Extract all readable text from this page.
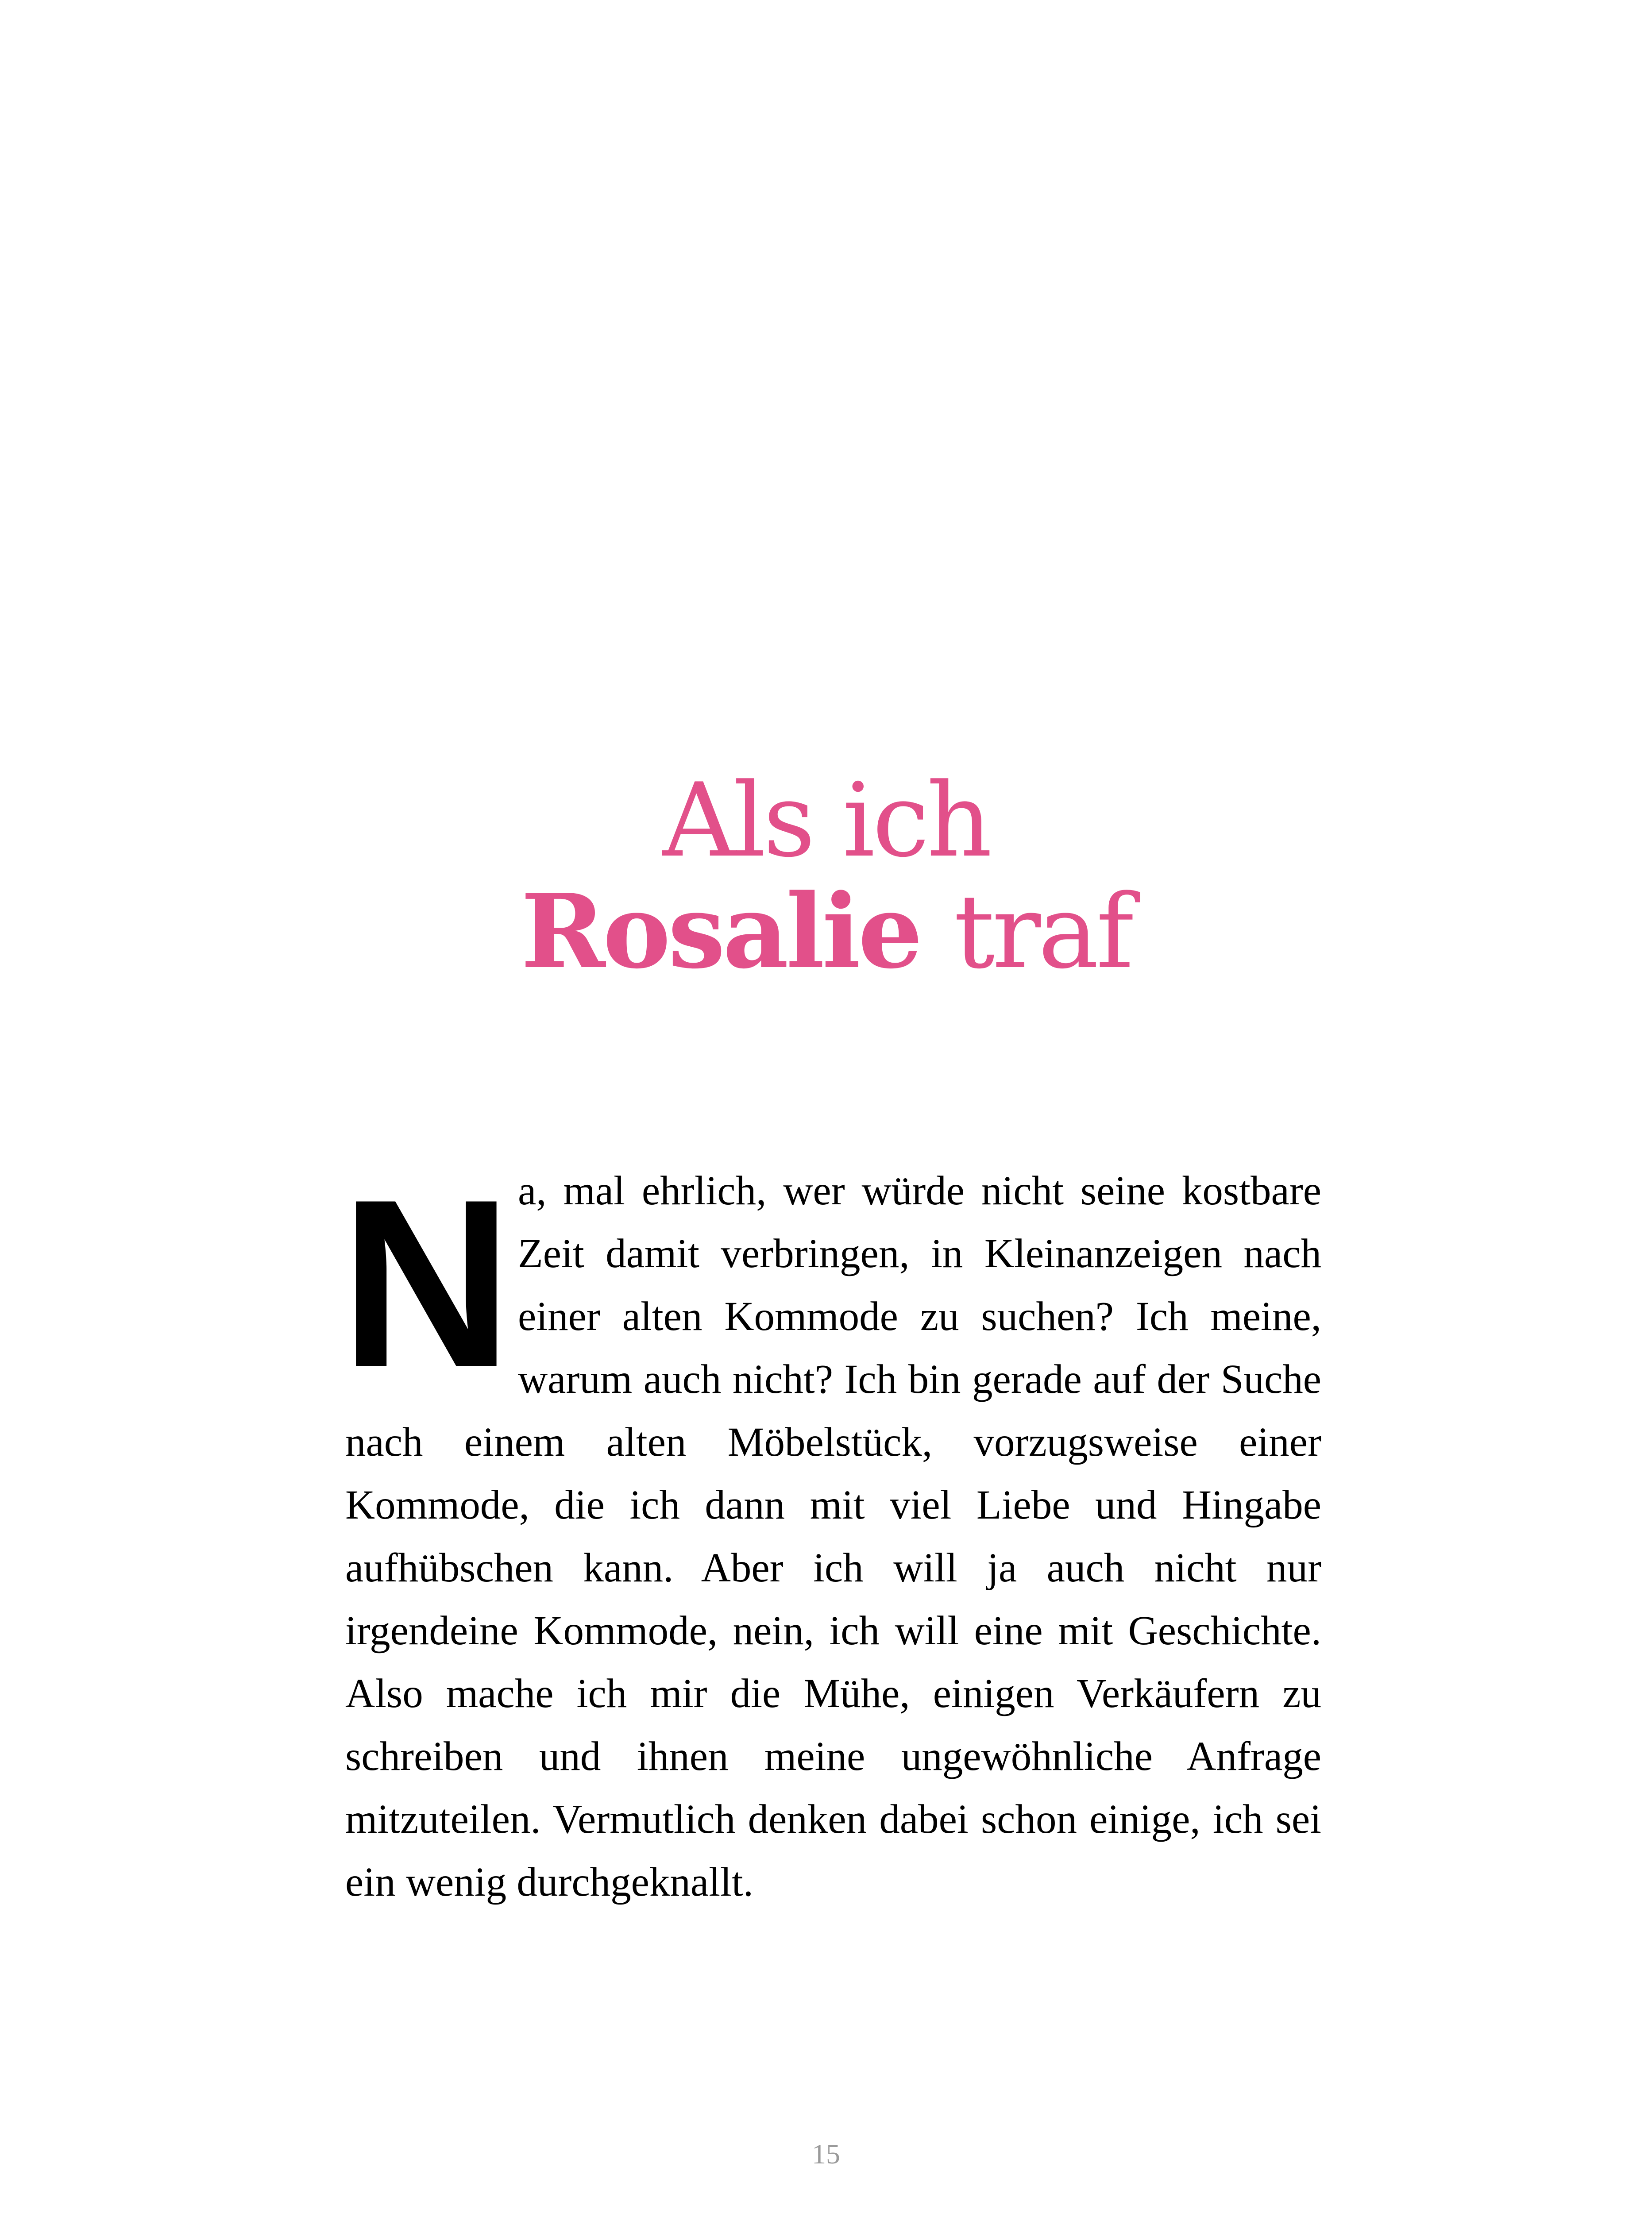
Als ich
Rosalie traf

N a, mal ehrlich, wer würde nicht seine kostbare Zeit damit verbringen, in Kleinanzeigen nach einer alten Kommode zu suchen? Ich meine, warum auch nicht? Ich bin gerade auf der Suche nach einem alten Möbelstück, vorzugsweise einer Kommode, die ich dann mit viel Liebe und Hingabe aufhübschen kann. Aber ich will ja auch nicht nur irgendeine Kommode, nein, ich will eine mit Geschichte. Also mache ich mir die Mühe, einigen Verkäufern zu schreiben und ihnen meine ungewöhnliche Anfrage mitzuteilen. Vermutlich denken dabei schon einige, ich sei ein wenig durchgeknallt.

15
